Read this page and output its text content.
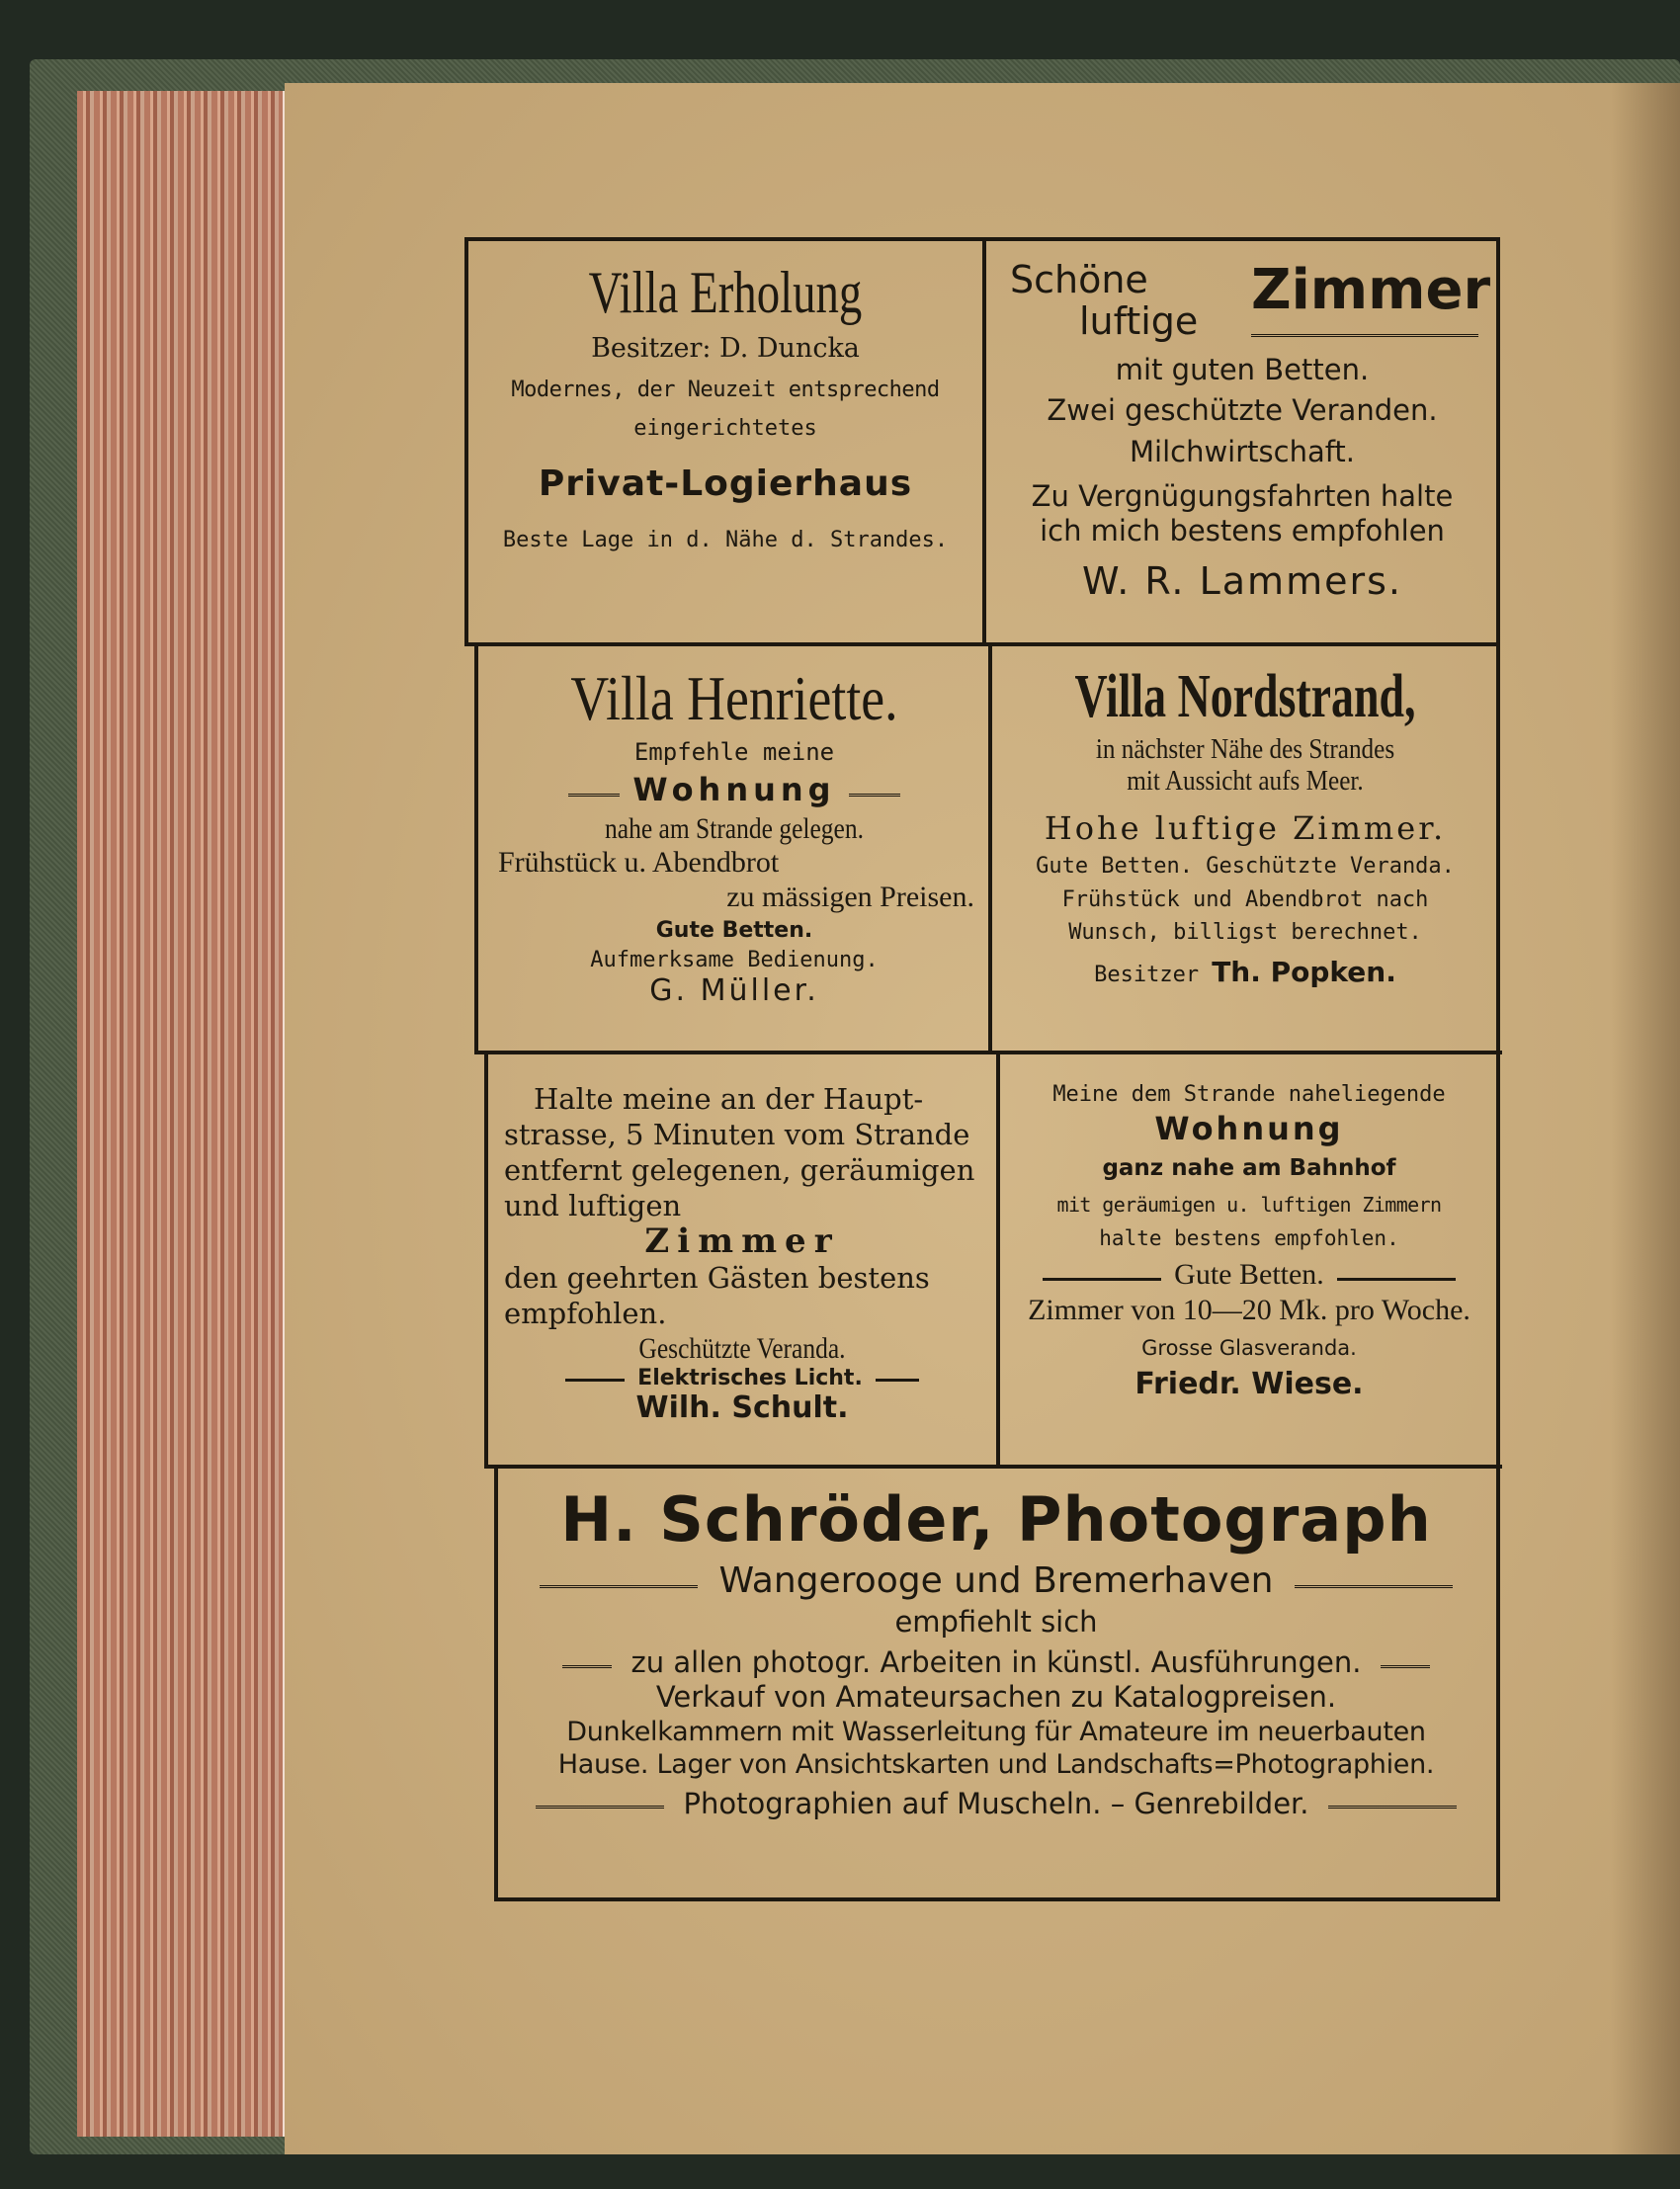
Villa Erholung
Besitzer: D. Duncka
Modernes, der Neuzeit entsprechend
eingerichtetes
Privat-Logierhaus
Beste Lage in d. Nähe d. Strandes.
Schöne Zimmer
luftige
mit guten Betten.
Zwei geschützte Veranden.
Milchwirtschaft.
Zu Vergnügungsfahrten halte
ich mich bestens empfohlen
W. R. Lammers.
Villa Henriette.
Empfehle meine
Wohnung
nahe am Strande gelegen.
Frühstück u. Abendbrot
zu mässigen Preisen.
Gute Betten.
Aufmerksame Bedienung.
G. Müller.
Villa Nordstrand,
in nächster Nähe des Strandes
mit Aussicht aufs Meer.
Hohe luftige Zimmer.
Gute Betten. Geschützte Veranda.
Frühstück und Abendbrot nach
Wunsch, billigst berechnet.
Besitzer Th. Popken.
Halte meine an der Haupt-
strasse, 5 Minuten vom Strande
entfernt gelegenen, geräumigen
und luftigen
Zimmer
den geehrten Gästen bestens
empfohlen.
Geschützte Veranda.
Elektrisches Licht.
Wilh. Schult.
Meine dem Strande naheliegende
Wohnung
ganz nahe am Bahnhof
mit geräumigen u. luftigen Zimmern
halte bestens empfohlen.
Gute Betten.
Zimmer von 10—20 Mk. pro Woche.
Grosse Glasveranda.
Friedr. Wiese.
H. Schröder, Photograph
Wangerooge und Bremerhaven
empfiehlt sich
zu allen photogr. Arbeiten in künstl. Ausführungen.
Verkauf von Amateursachen zu Katalogpreisen.
Dunkelkammern mit Wasserleitung für Amateure im neuerbauten
Hause. Lager von Ansichtskarten und Landschafts=Photographien.
Photographien auf Muscheln. – Genrebilder.
